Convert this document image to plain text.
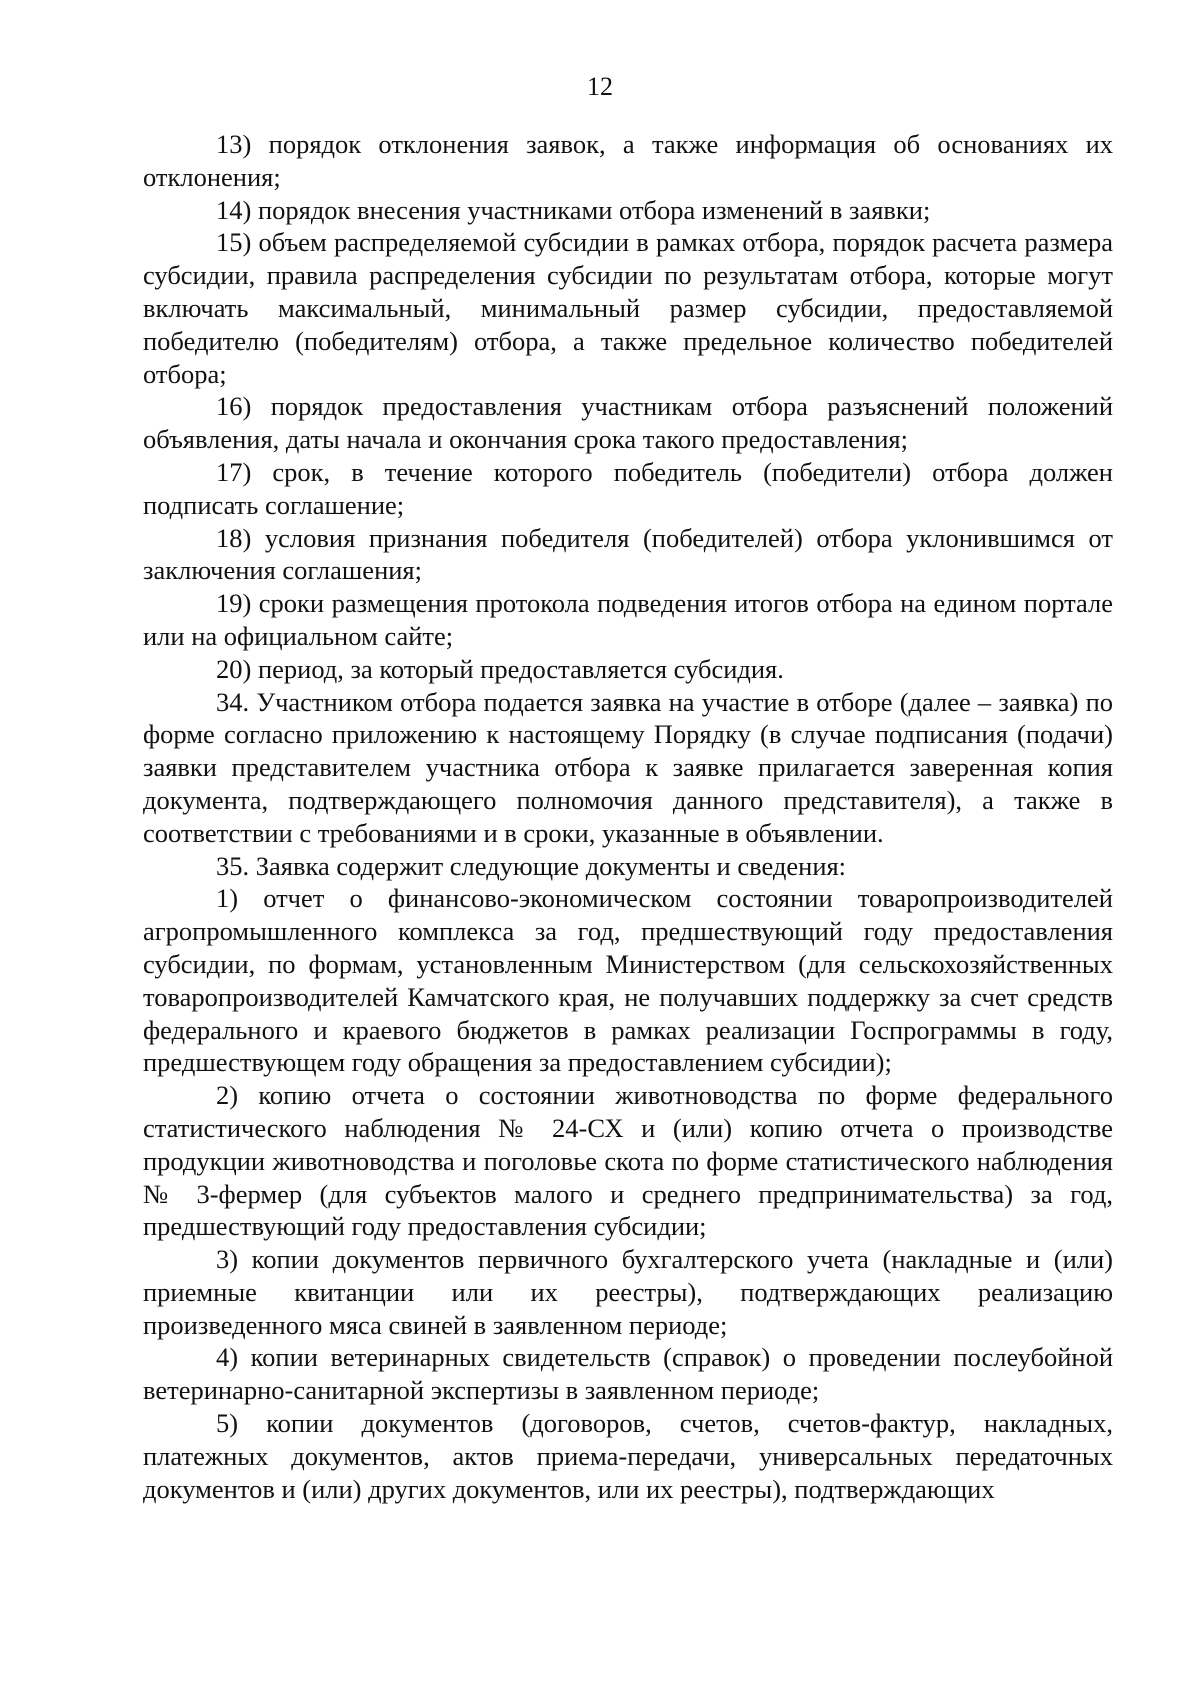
12

13) порядок отклонения заявок, а также информация об основаниях их отклонения;

14) порядок внесения участниками отбора изменений в заявки;

15) объем распределяемой субсидии в рамках отбора, порядок расчета размера субсидии, правила распределения субсидии по результатам отбора, которые могут включать максимальный, минимальный размер субсидии, предоставляемой победителю (победителям) отбора, а также предельное количество победителей отбора;

16) порядок предоставления участникам отбора разъяснений положений объявления, даты начала и окончания срока такого предоставления;

17) срок, в течение которого победитель (победители) отбора должен подписать соглашение;

18) условия признания победителя (победителей) отбора уклонившимся от заключения соглашения;

19) сроки размещения протокола подведения итогов отбора на едином портале или на официальном сайте;

20) период, за который предоставляется субсидия.

34. Участником отбора подается заявка на участие в отборе (далее – заявка) по форме согласно приложению к настоящему Порядку (в случае подписания (подачи) заявки представителем участника отбора к заявке прилагается заверенная копия документа, подтверждающего полномочия данного представителя), а также в соответствии с требованиями и в сроки, указанные в объявлении.

35. Заявка содержит следующие документы и сведения:

1) отчет о финансово-экономическом состоянии товаропроизводителей агропромышленного комплекса за год, предшествующий году предоставления субсидии, по формам, установленным Министерством (для сельскохозяйственных товаропроизводителей Камчатского края, не получавших поддержку за счет средств федерального и краевого бюджетов в рамках реализации Госпрограммы в году, предшествующем году обращения за предоставлением субсидии);

2) копию отчета о состоянии животноводства по форме федерального статистического наблюдения № 24-СХ и (или) копию отчета о производстве продукции животноводства и поголовье скота по форме статистического наблюдения № 3-фермер (для субъектов малого и среднего предпринимательства) за год, предшествующий году предоставления субсидии;

3) копии документов первичного бухгалтерского учета (накладные и (или) приемные квитанции или их реестры), подтверждающих реализацию произведенного мяса свиней в заявленном периоде;

4) копии ветеринарных свидетельств (справок) о проведении послеубойной ветеринарно-санитарной экспертизы в заявленном периоде;

5) копии документов (договоров, счетов, счетов-фактур, накладных, платежных документов, актов приема-передачи, универсальных передаточных документов и (или) других документов, или их реестры), подтверждающих
